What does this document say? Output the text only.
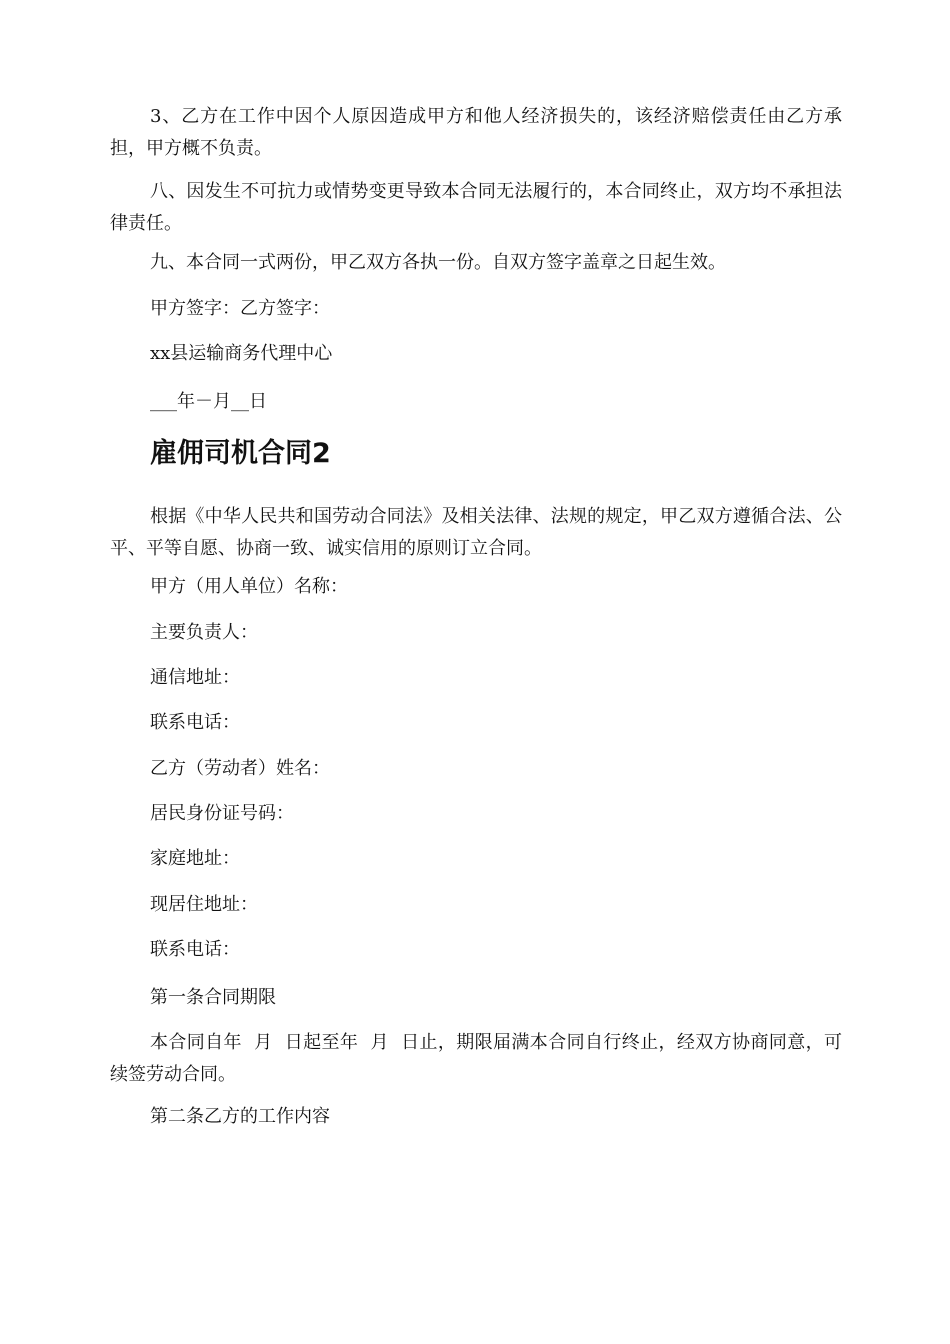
3、乙方在工作中因个人原因造成甲方和他人经济损失的，该经济赔偿责任由乙方承担，甲方概不负责。

八、因发生不可抗力或情势变更导致本合同无法履行的，本合同终止，双方均不承担法律责任。

九、本合同一式两份，甲乙双方各执一份。自双方签字盖章之日起生效。

甲方签字：乙方签字：

xx县运输商务代理中心

___年－月__日

雇佣司机合同2

根据《中华人民共和国劳动合同法》及相关法律、法规的规定，甲乙双方遵循合法、公平、平等自愿、协商一致、诚实信用的原则订立合同。

甲方（用人单位）名称：

主要负责人：

通信地址：

联系电话：

乙方（劳动者）姓名：

居民身份证号码：

家庭地址：

现居住地址：

联系电话：

第一条合同期限

本合同自年  月  日起至年  月  日止，期限届满本合同自行终止，经双方协商同意，可续签劳动合同。

第二条乙方的工作内容
